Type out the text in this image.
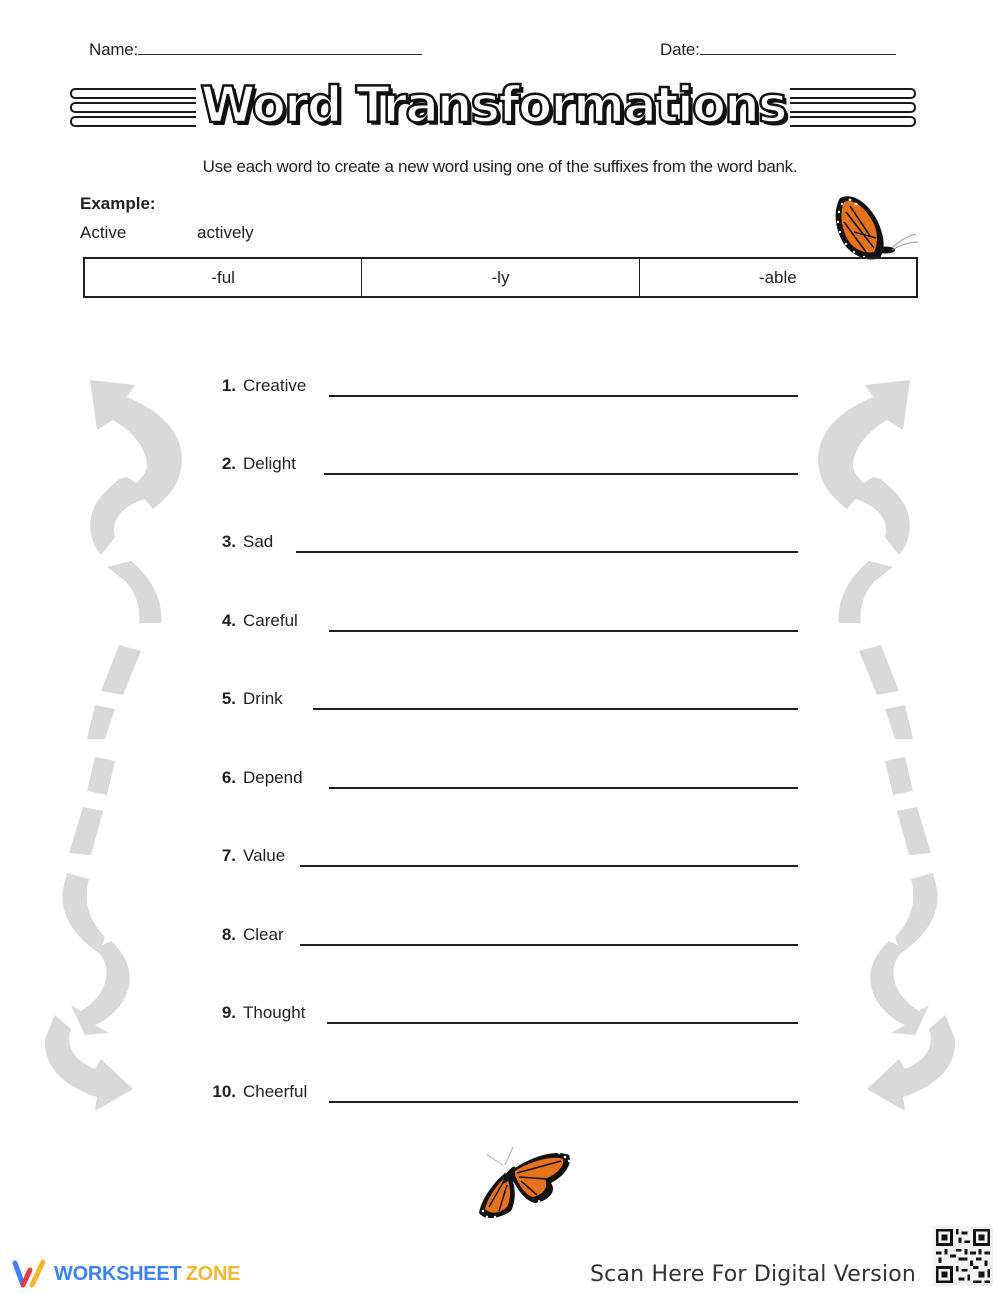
Name:	Date:
Word Transformations
Use each word to create a new word using one of the suffixes from the word bank.
Example:
Active	actively
-ful	-ly	-able
1. Creative
2. Delight
3. Sad
4. Careful
5. Drink
6. Depend
7. Value
8. Clear
9. Thought
10. Cheerful
WORKSHEET ZONE	Scan Here For Digital Version
